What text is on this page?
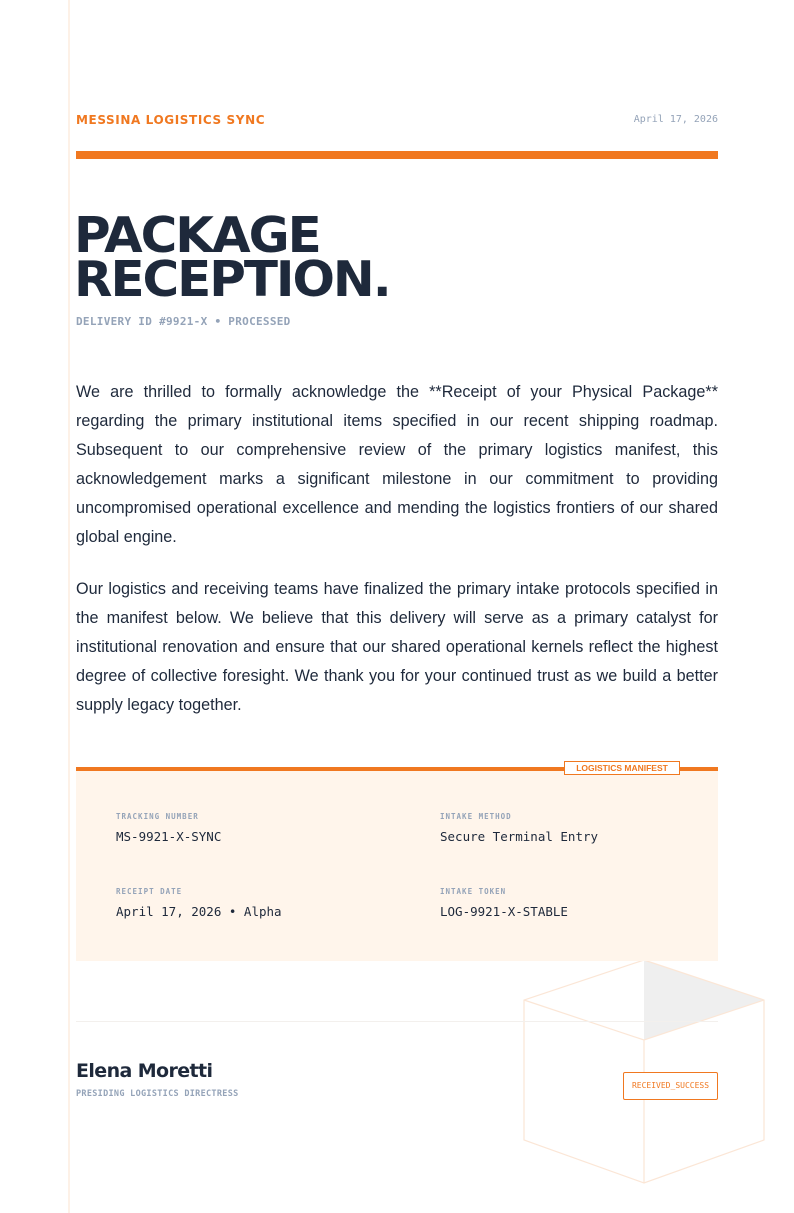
MESSINA LOGISTICS SYNC	April 17, 2026
PACKAGE
RECEPTION.
DELIVERY ID #9921-X • PROCESSED

We are thrilled to formally acknowledge the **Receipt of your Physical Package** regarding the primary institutional items specified in our recent shipping roadmap. Subsequent to our comprehensive review of the primary logistics manifest, this acknowledgement marks a significant milestone in our commitment to providing uncompromised operational excellence and mending the logistics frontiers of our shared global engine.

Our logistics and receiving teams have finalized the primary intake protocols specified in the manifest below. We believe that this delivery will serve as a primary catalyst for institutional renovation and ensure that our shared operational kernels reflect the highest degree of collective foresight. We thank you for your continued trust as we build a better supply legacy together.

TRACKING NUMBER
MS-9921-X-SYNC
INTAKE METHOD
Secure Terminal Entry
RECEIPT DATE
April 17, 2026 • Alpha
INTAKE TOKEN
LOG-9921-X-STABLE
LOGISTICS MANIFEST
Elena Moretti
PRESIDING LOGISTICS DIRECTRESS
RECEIVED_SUCCESS
